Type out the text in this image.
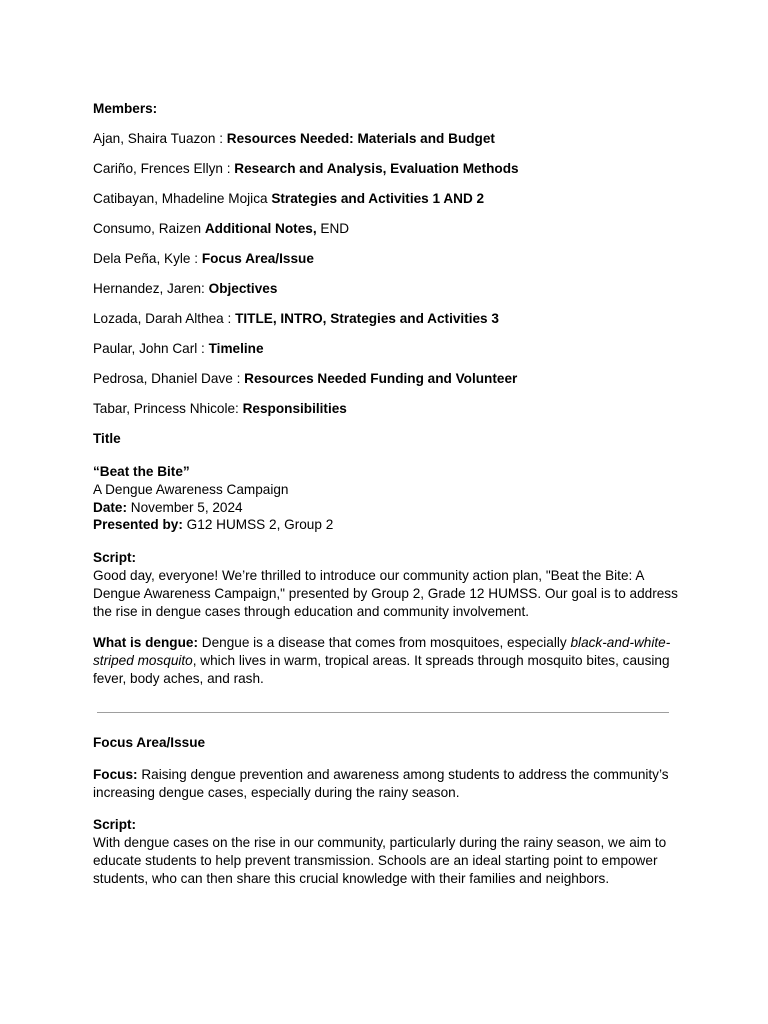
Members:
Ajan, Shaira Tuazon : Resources Needed: Materials and Budget
Cariño, Frences Ellyn : Research and Analysis, Evaluation Methods
Catibayan, Mhadeline Mojica Strategies and Activities 1 AND 2
Consumo, Raizen Additional Notes, END
Dela Peña, Kyle : Focus Area/Issue
Hernandez, Jaren: Objectives
Lozada, Darah Althea : TITLE, INTRO, Strategies and Activities 3
Paular, John Carl : Timeline
Pedrosa, Dhaniel Dave : Resources Needed Funding and Volunteer
Tabar, Princess Nhicole: Responsibilities
Title
“Beat the Bite”
A Dengue Awareness Campaign
Date: November 5, 2024
Presented by: G12 HUMSS 2, Group 2
Script:
Good day, everyone! We’re thrilled to introduce our community action plan, "Beat the Bite: A Dengue Awareness Campaign," presented by Group 2, Grade 12 HUMSS. Our goal is to address the rise in dengue cases through education and community involvement.
What is dengue: Dengue is a disease that comes from mosquitoes, especially black-and-white-striped mosquito, which lives in warm, tropical areas. It spreads through mosquito bites, causing fever, body aches, and rash.
Focus Area/Issue
Focus: Raising dengue prevention and awareness among students to address the community’s increasing dengue cases, especially during the rainy season.
Script:
With dengue cases on the rise in our community, particularly during the rainy season, we aim to educate students to help prevent transmission. Schools are an ideal starting point to empower students, who can then share this crucial knowledge with their families and neighbors.
